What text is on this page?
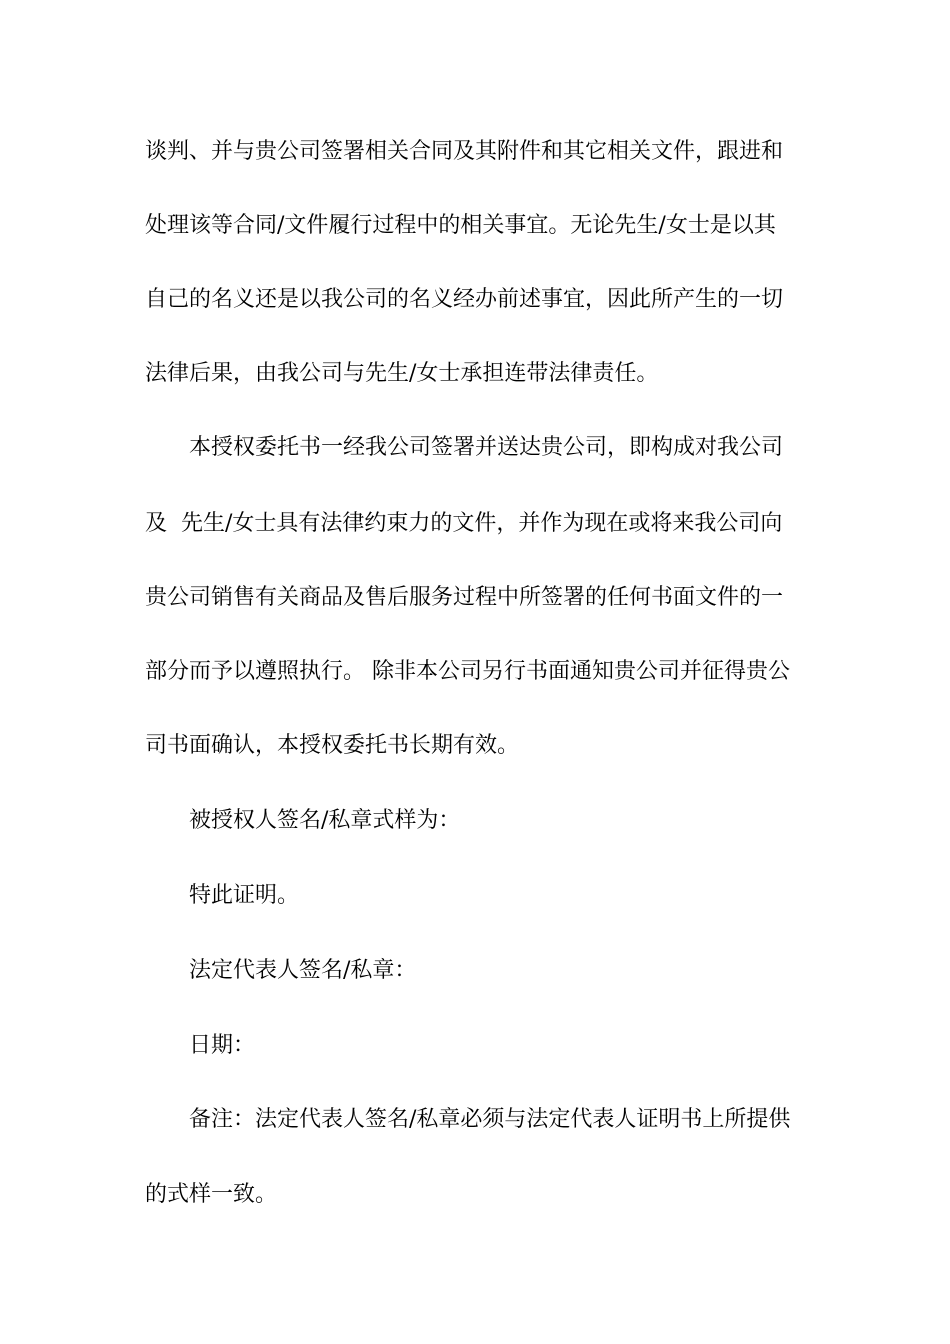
谈判、并与贵公司签署相关合同及其附件和其它相关文件，跟进和

处理该等合同/文件履行过程中的相关事宜。无论先生/女士是以其

自己的名义还是以我公司的名义经办前述事宜，因此所产生的一切

法律后果，由我公司与先生/女士承担连带法律责任。

本授权委托书一经我公司签署并送达贵公司，即构成对我公司

及  先生/女士具有法律约束力的文件，并作为现在或将来我公司向

贵公司销售有关商品及售后服务过程中所签署的任何书面文件的一

部分而予以遵照执行。 除非本公司另行书面通知贵公司并征得贵公

司书面确认，本授权委托书长期有效。

被授权人签名/私章式样为：

特此证明。

法定代表人签名/私章：

日期：

备注：法定代表人签名/私章必须与法定代表人证明书上所提供

的式样一致。
